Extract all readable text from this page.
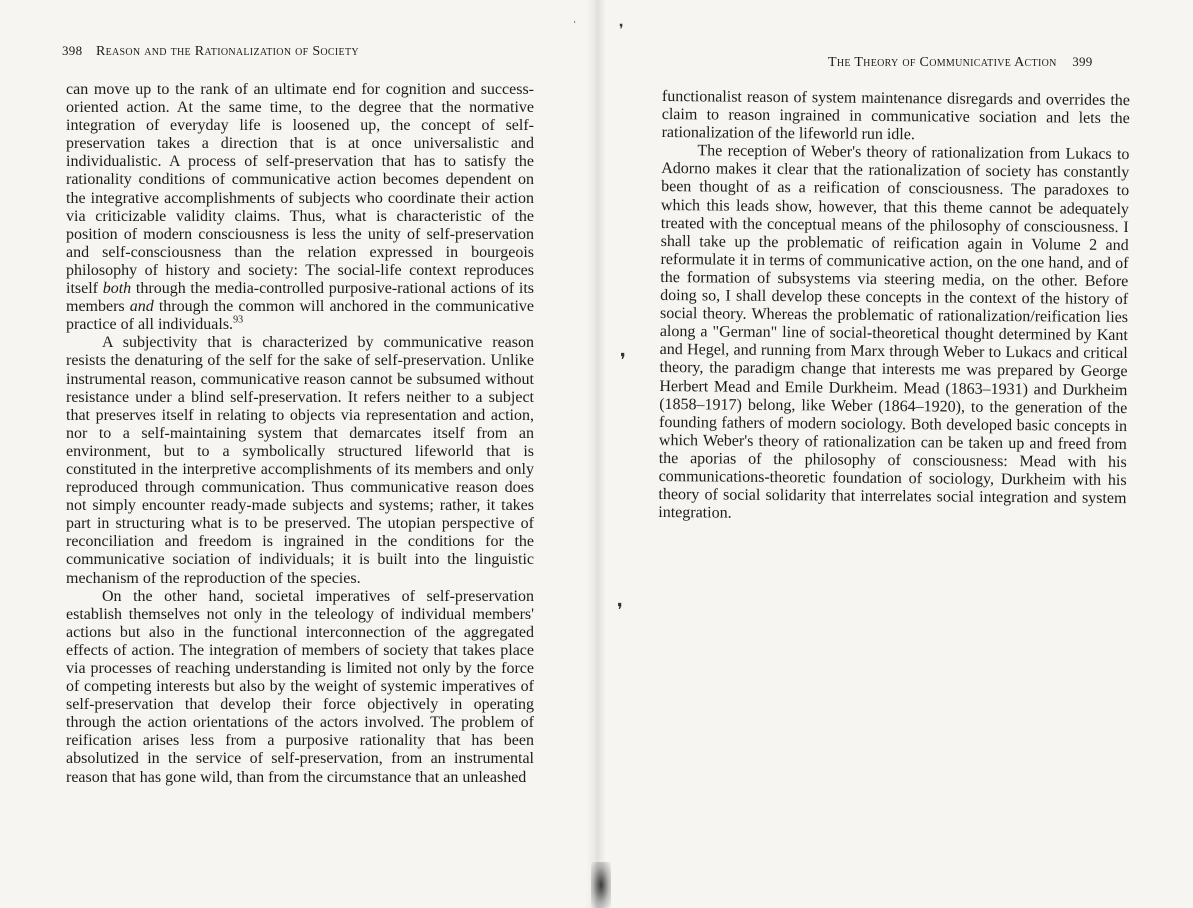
ᐧ	❜
❜
❜
398 Reason and the Rationalization of Society

can move up to the rank of an ultimate end for cognition and success-oriented action. At the same time, to the degree that the normative integration of everyday life is loosened up, the concept of self-preservation takes a direction that is at once universalistic and individualistic. A process of self-preservation that has to satisfy the rationality conditions of communicative action becomes dependent on the integrative accomplishments of subjects who coordinate their action via criticizable validity claims. Thus, what is characteristic of the position of modern consciousness is less the unity of self-preservation and self-consciousness than the relation expressed in bourgeois philosophy of history and society: The social-life context reproduces itself both through the media-controlled purposive-rational actions of its members and through the common will anchored in the communicative practice of all individuals.$^{93}$

A subjectivity that is characterized by communicative reason resists the denaturing of the self for the sake of self-preservation. Unlike instrumental reason, communicative reason cannot be subsumed without resistance under a blind self-preservation. It refers neither to a subject that preserves itself in relating to objects via representation and action, nor to a self-maintaining system that demarcates itself from an environment, but to a symbolically structured lifeworld that is constituted in the interpretive accomplishments of its members and only reproduced through communication. Thus communicative reason does not simply encounter ready-made subjects and systems; rather, it takes part in structuring what is to be preserved. The utopian perspective of reconciliation and freedom is ingrained in the conditions for the communicative sociation of individuals; it is built into the linguistic mechanism of the reproduction of the species.

On the other hand, societal imperatives of self-preservation establish themselves not only in the teleology of individual members' actions but also in the functional interconnection of the aggregated effects of action. The integration of members of society that takes place via processes of reaching understanding is limited not only by the force of competing interests but also by the weight of systemic imperatives of self-preservation that develop their force objectively in operating through the action orientations of the actors involved. The problem of reification arises less from a purposive rationality that has been absolutized in the service of self-preservation, from an instrumental reason that has gone wild, than from the circumstance that an unleashed

The Theory of Communicative Action 399

functionalist reason of system maintenance disregards and overrides the claim to reason ingrained in communicative sociation and lets the rationalization of the lifeworld run idle.

The reception of Weber's theory of rationalization from Lukacs to Adorno makes it clear that the rationalization of society has constantly been thought of as a reification of consciousness. The paradoxes to which this leads show, however, that this theme cannot be adequately treated with the conceptual means of the philosophy of consciousness. I shall take up the problematic of reification again in Volume 2 and reformulate it in terms of communicative action, on the one hand, and of the formation of subsystems via steering media, on the other. Before doing so, I shall develop these concepts in the context of the history of social theory. Whereas the problematic of rationalization/reification lies along a "German" line of social-theoretical thought determined by Kant and Hegel, and running from Marx through Weber to Lukacs and critical theory, the paradigm change that interests me was prepared by George Herbert Mead and Emile Durkheim. Mead (1863–1931) and Durkheim (1858–1917) belong, like Weber (1864–1920), to the generation of the founding fathers of modern sociology. Both developed basic concepts in which Weber's theory of rationalization can be taken up and freed from the aporias of the philosophy of consciousness: Mead with his communications-theoretic foundation of sociology, Durkheim with his theory of social solidarity that interrelates social integration and system integration.
